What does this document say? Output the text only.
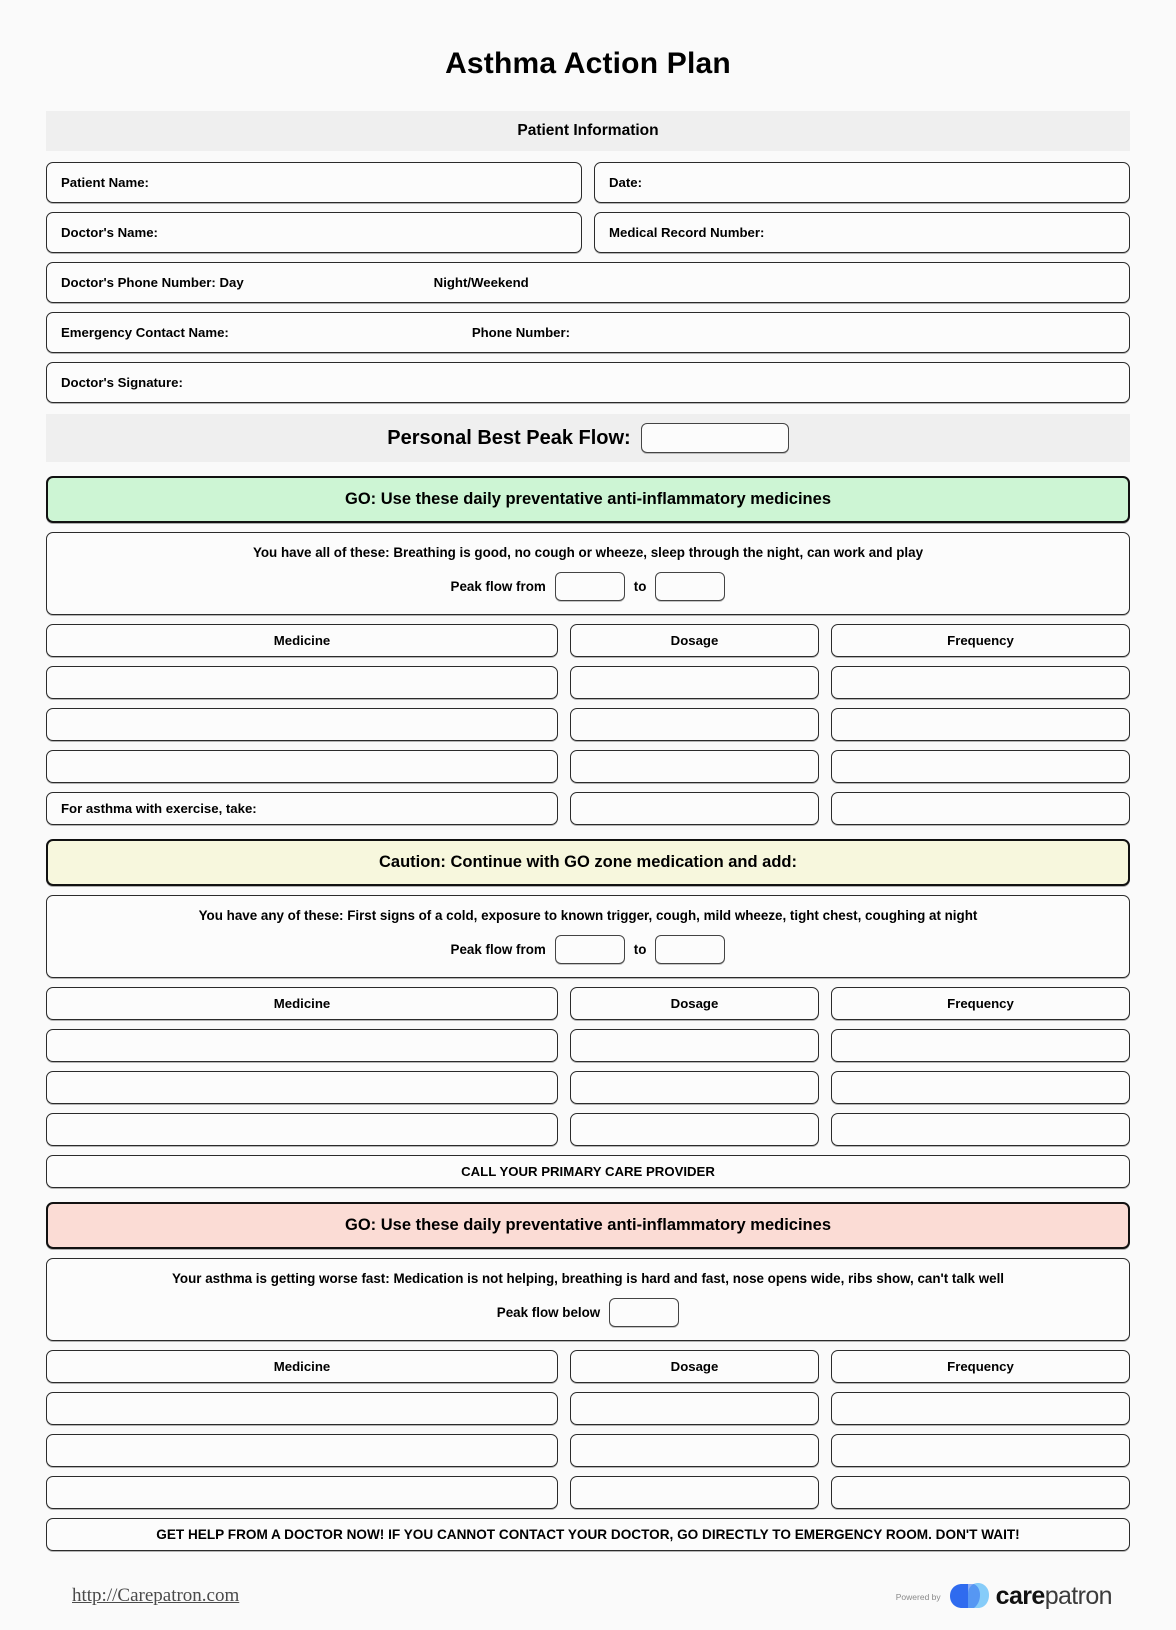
Asthma Action Plan
Patient Information
Patient Name:	Date:
Doctor's Name:	Medical Record Number:
Doctor's Phone Number: Day	Night/Weekend
Emergency Contact Name:	Phone Number:
Doctor's Signature:
Personal Best Peak Flow:
GO: Use these daily preventative anti-inflammatory medicines
You have all of these: Breathing is good, no cough or wheeze, sleep through the night, can work and play
Peak flow from	to
Medicine	Dosage	Frequency
For asthma with exercise, take:
Caution: Continue with GO zone medication and add:
You have any of these: First signs of a cold, exposure to known trigger, cough, mild wheeze, tight chest, coughing at night
Peak flow from	to
Medicine	Dosage	Frequency
CALL YOUR PRIMARY CARE PROVIDER
GO: Use these daily preventative anti-inflammatory medicines
Your asthma is getting worse fast: Medication is not helping, breathing is hard and fast, nose opens wide, ribs show, can't talk well
Peak flow below
Medicine	Dosage	Frequency
GET HELP FROM A DOCTOR NOW! IF YOU CANNOT CONTACT YOUR DOCTOR, GO DIRECTLY TO EMERGENCY ROOM. DON'T WAIT!
http://Carepatron.com	Powered by carepatron
